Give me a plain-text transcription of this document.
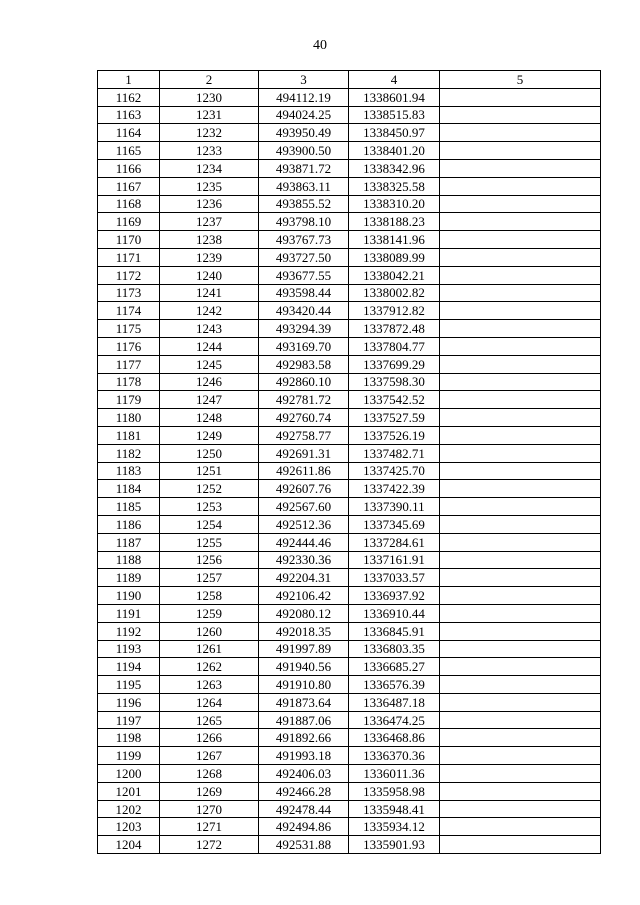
40
1	2	3	4	5
1162	1230	494112.19	1338601.94	
1163	1231	494024.25	1338515.83	
1164	1232	493950.49	1338450.97	
1165	1233	493900.50	1338401.20	
1166	1234	493871.72	1338342.96	
1167	1235	493863.11	1338325.58	
1168	1236	493855.52	1338310.20	
1169	1237	493798.10	1338188.23	
1170	1238	493767.73	1338141.96	
1171	1239	493727.50	1338089.99	
1172	1240	493677.55	1338042.21	
1173	1241	493598.44	1338002.82	
1174	1242	493420.44	1337912.82	
1175	1243	493294.39	1337872.48	
1176	1244	493169.70	1337804.77	
1177	1245	492983.58	1337699.29	
1178	1246	492860.10	1337598.30	
1179	1247	492781.72	1337542.52	
1180	1248	492760.74	1337527.59	
1181	1249	492758.77	1337526.19	
1182	1250	492691.31	1337482.71	
1183	1251	492611.86	1337425.70	
1184	1252	492607.76	1337422.39	
1185	1253	492567.60	1337390.11	
1186	1254	492512.36	1337345.69	
1187	1255	492444.46	1337284.61	
1188	1256	492330.36	1337161.91	
1189	1257	492204.31	1337033.57	
1190	1258	492106.42	1336937.92	
1191	1259	492080.12	1336910.44	
1192	1260	492018.35	1336845.91	
1193	1261	491997.89	1336803.35	
1194	1262	491940.56	1336685.27	
1195	1263	491910.80	1336576.39	
1196	1264	491873.64	1336487.18	
1197	1265	491887.06	1336474.25	
1198	1266	491892.66	1336468.86	
1199	1267	491993.18	1336370.36	
1200	1268	492406.03	1336011.36	
1201	1269	492466.28	1335958.98	
1202	1270	492478.44	1335948.41	
1203	1271	492494.86	1335934.12	
1204	1272	492531.88	1335901.93	
